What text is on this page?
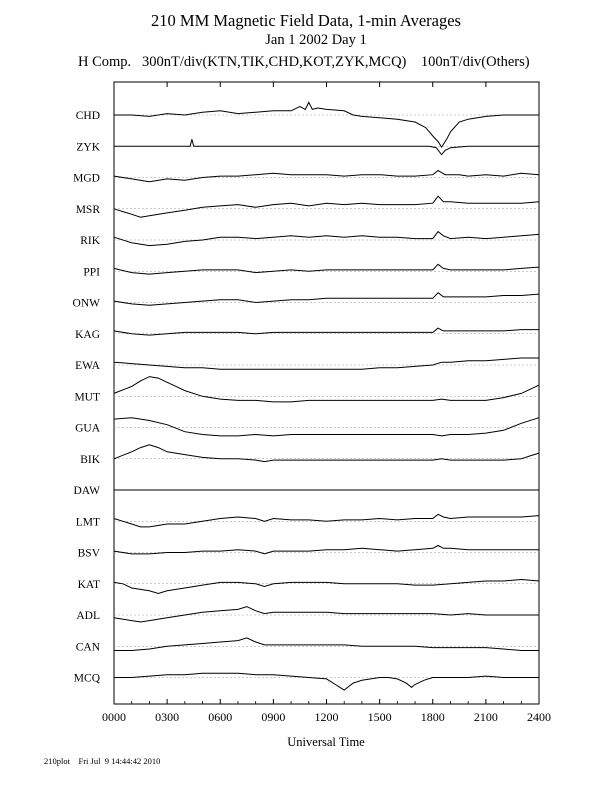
210 MM Magnetic Field Data, 1-min Averages
Jan 1 2002 Day 1
H Comp. 300nT/div(KTN,TIK,CHD,KOT,ZYK,MCQ) 100nT/div(Others)
CHD
ZYK
MGD
MSR
RIK
PPI
ONW
KAG
EWA
MUT
GUA
BIK
DAW
LMT
BSV
KAT
ADL
CAN
MCQ
0000 0300 0600 0900 1200 1500 1800 2100 2400
Universal Time
210plot Fri Jul  9 14:44:42 2010
